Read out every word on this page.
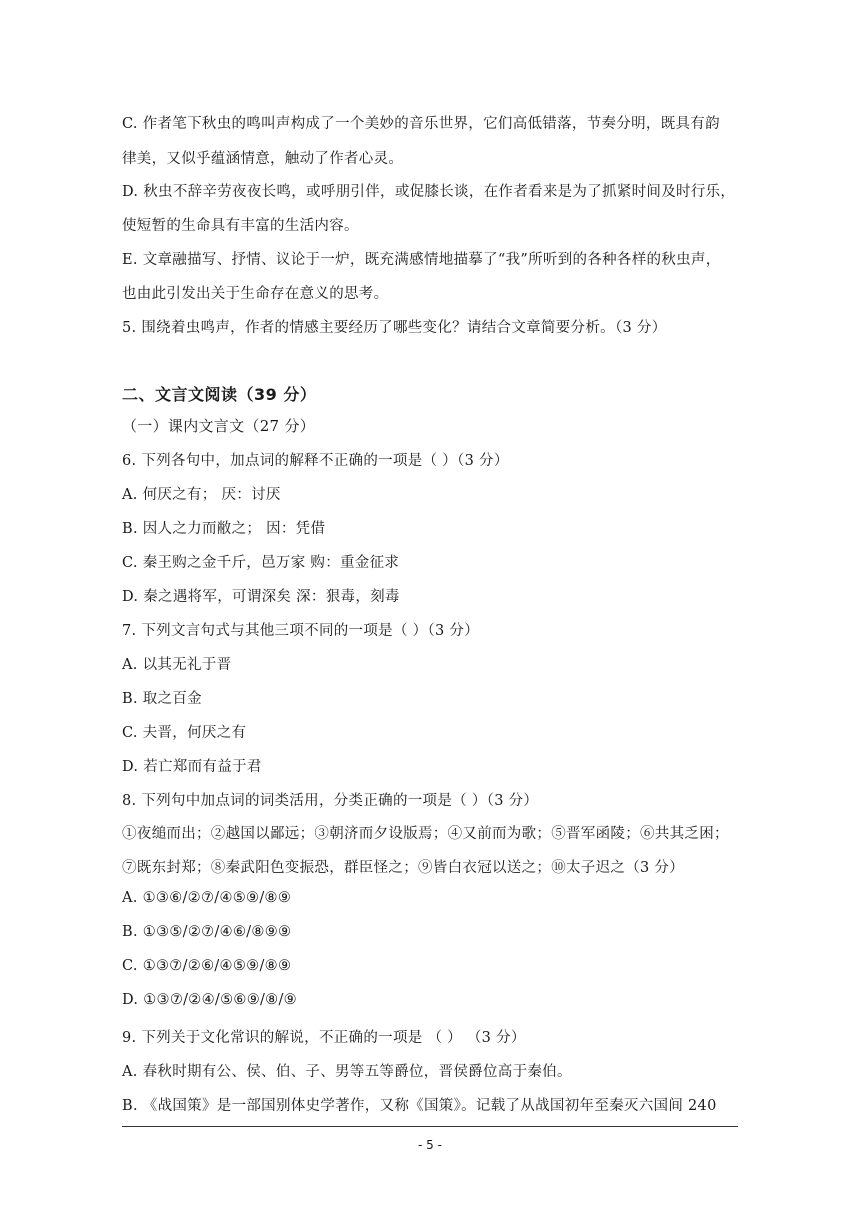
C. 作者笔下秋虫的鸣叫声构成了一个美妙的音乐世界，它们高低错落，节奏分明，既具有韵
律美，又似乎蕴涵情意，触动了作者心灵。
D. 秋虫不辞辛劳夜夜长鸣，或呼朋引伴，或促膝长谈，在作者看来是为了抓紧时间及时行乐，
使短暂的生命具有丰富的生活内容。
E. 文章融描写、抒情、议论于一炉，既充满感情地描摹了“我”所听到的各种各样的秋虫声，
也由此引发出关于生命存在意义的思考。
5. 围绕着虫鸣声，作者的情感主要经历了哪些变化？请结合文章简要分析。（3 分）
二、文言文阅读（39 分）
（一）课内文言文（27 分）
6. 下列各句中，加点词的解释不正确的一项是（ ）（3 分）
A. 何厌之有； 厌：讨厌
B. 因人之力而敝之； 因：凭借
C. 秦王购之金千斤，邑万家 购：重金征求
D. 秦之遇将军，可谓深矣 深：狠毒，刻毒
7. 下列文言句式与其他三项不同的一项是（ ）（3 分）
A. 以其无礼于晋
B. 取之百金
C. 夫晋，何厌之有
D. 若亡郑而有益于君
8. 下列句中加点词的词类活用，分类正确的一项是（ ）（3 分）
①夜缒而出；②越国以鄙远；③朝济而夕设版焉；④又前而为歌；⑤晋军函陵；⑥共其乏困；
⑦既东封郑；⑧秦武阳色变振恐，群臣怪之；⑨皆白衣冠以送之；⑩太子迟之（3 分）
A. ①③⑥/②⑦/④⑤⑨/⑧⑨
B. ①③⑤/②⑦/④⑥/⑧⑨⑨
C. ①③⑦/②⑥/④⑤⑨/⑧⑨
D. ①③⑦/②④/⑤⑥⑨/⑧/⑨
9. 下列关于文化常识的解说，不正确的一项是 （ ） （3 分）
A. 春秋时期有公、侯、伯、子、男等五等爵位，晋侯爵位高于秦伯。
B. 《战国策》是一部国别体史学著作，又称《国策》。记载了从战国初年至秦灭六国间 240
- 5 -
